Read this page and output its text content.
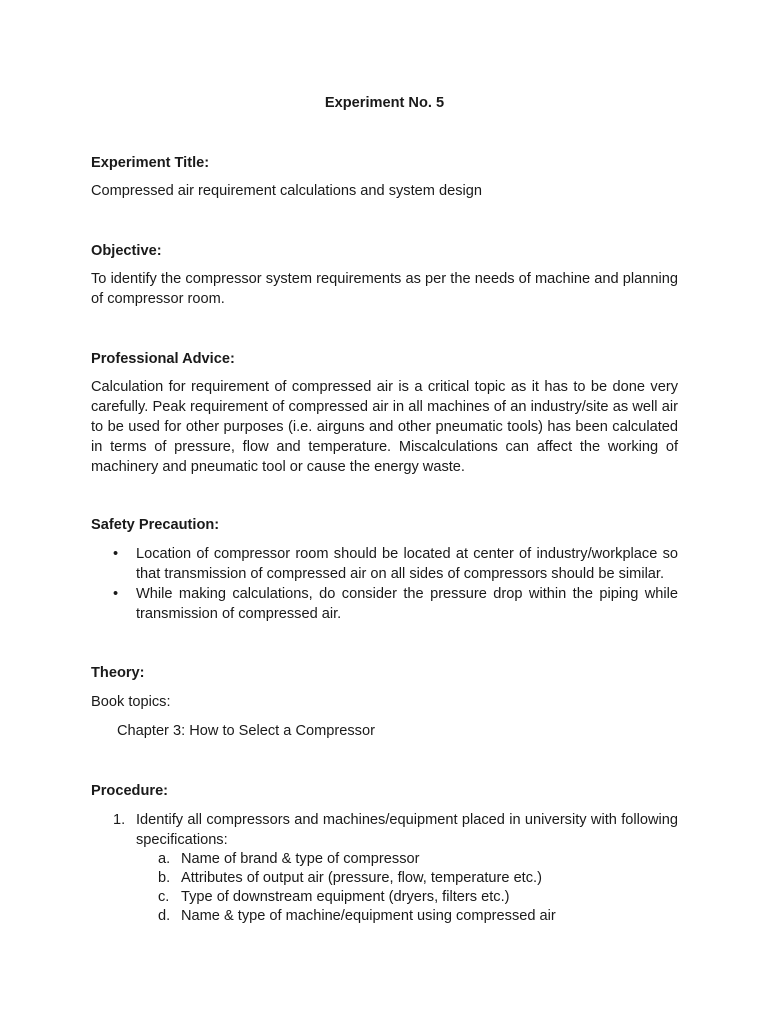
Experiment No. 5
Experiment Title:

Compressed air requirement calculations and system design

Objective:

To identify the compressor system requirements as per the needs of machine and planning of compressor room.

Professional Advice:

Calculation for requirement of compressed air is a critical topic as it has to be done very carefully. Peak requirement of compressed air in all machines of an industry/site as well air to be used for other purposes (i.e. airguns and other pneumatic tools) has been calculated in terms of pressure, flow and temperature. Miscalculations can affect the working of machinery and pneumatic tool or cause the energy waste.

Safety Precaution:
• Location of compressor room should be located at center of industry/workplace so that transmission of compressed air on all sides of compressors should be similar.
• While making calculations, do consider the pressure drop within the piping while transmission of compressed air.
Theory:
Book topics:
Chapter 3: How to Select a Compressor
Procedure:
1. Identify all compressors and machines/equipment placed in university with following specifications:
a. Name of brand & type of compressor
b. Attributes of output air (pressure, flow, temperature etc.)
c. Type of downstream equipment (dryers, filters etc.)
d. Name & type of machine/equipment using compressed air
